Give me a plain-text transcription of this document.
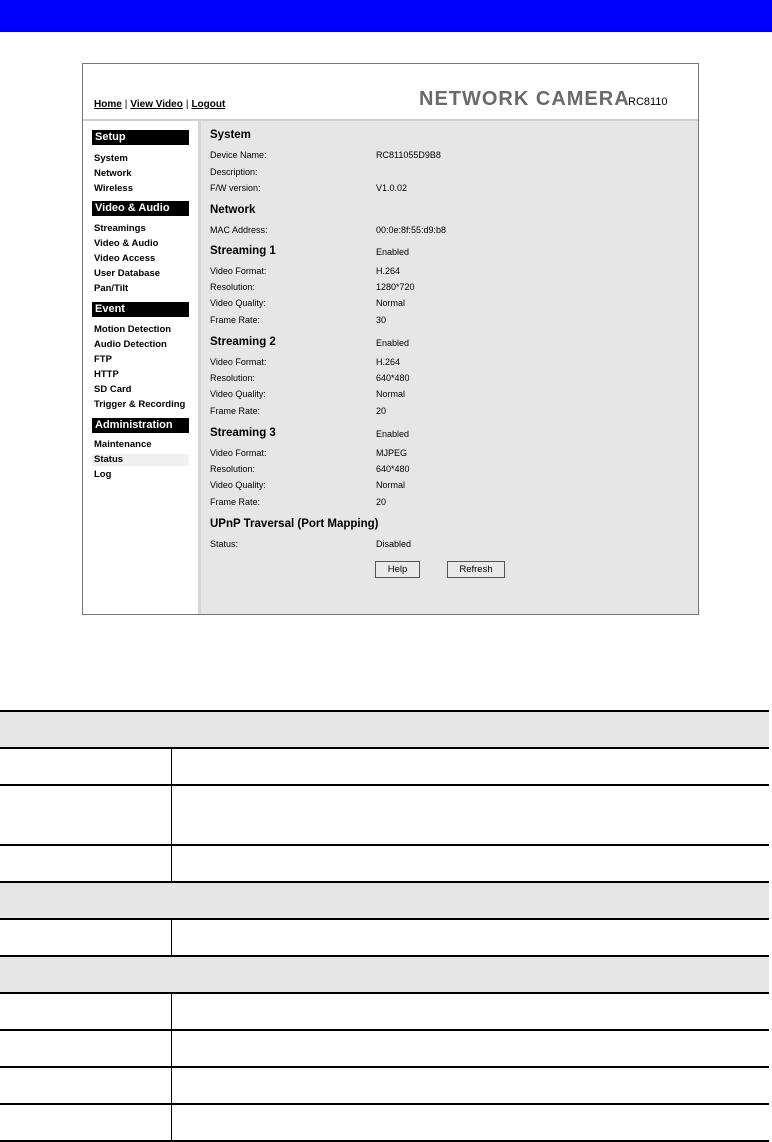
Home | View Video | Logout	NETWORK CAMERA
RC8110
Setup
System
Network
Wireless
Video & Audio
Streamings
Video & Audio
Video Access
User Database
Pan/Tilt
Event
Motion Detection
Audio Detection
FTP
HTTP
SD Card
Trigger & Recording
Administration
Maintenance
Status
Log
System
Device Name:	RC811055D9B8
Description:
F/W version:	V1.0.02
Network
MAC Address:	00:0e:8f:55:d9:b8
Streaming 1	Enabled
Video Format:	H.264
Resolution:	1280*720
Video Quality:	Normal
Frame Rate:	30
Streaming 2	Enabled
Video Format:	H.264
Resolution:	640*480
Video Quality:	Normal
Frame Rate:	20
Streaming 3	Enabled
Video Format:	MJPEG
Resolution:	640*480
Video Quality:	Normal
Frame Rate:	20
UPnP Traversal (Port Mapping)
Status:	Disabled
Help	Refresh
